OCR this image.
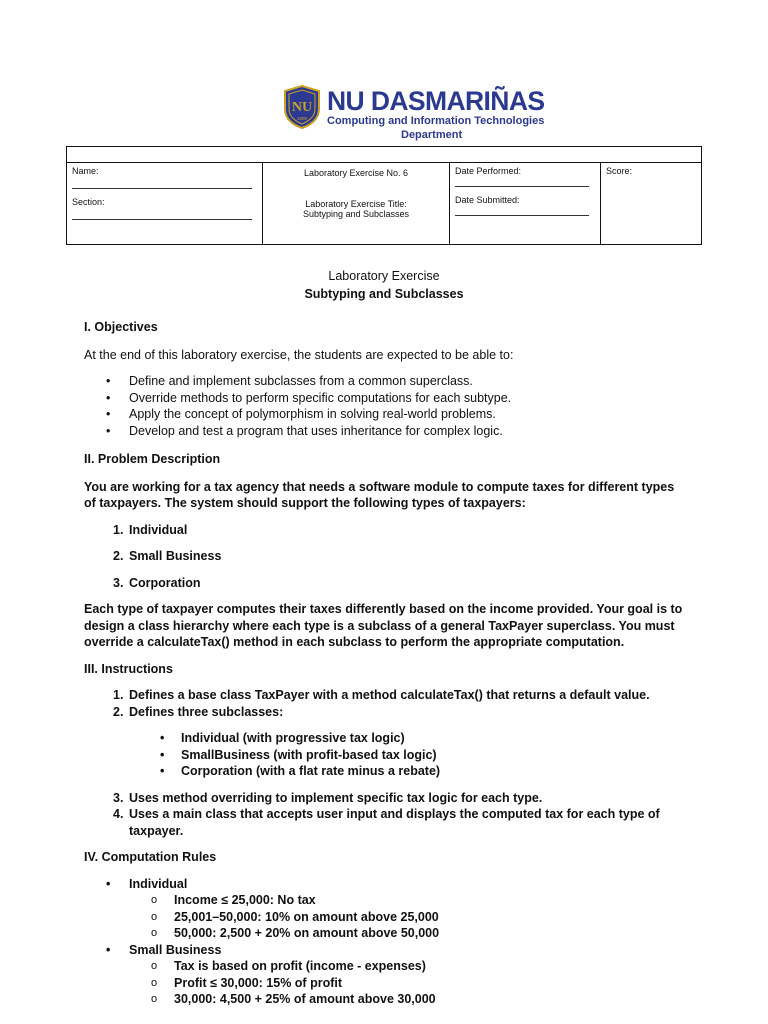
NU
1900
NU DASMARIÑAS
Computing and Information Technologies
Department

Name:
Section:

Laboratory Exercise No. 6
Laboratory Exercise Title:
Subtyping and Subclasses

Date Performed:
Date Submitted:

Score:
Laboratory Exercise
Subtyping and Subclasses
I. Objectives
At the end of this laboratory exercise, the students are expected to be able to:
• Define and implement subclasses from a common superclass.
• Override methods to perform specific computations for each subtype.
• Apply the concept of polymorphism in solving real-world problems.
• Develop and test a program that uses inheritance for complex logic.
II. Problem Description
You are working for a tax agency that needs a software module to compute taxes for different types of taxpayers. The system should support the following types of taxpayers:
1. Individual
2. Small Business
3. Corporation
Each type of taxpayer computes their taxes differently based on the income provided. Your goal is to design a class hierarchy where each type is a subclass of a general TaxPayer superclass. You must override a calculateTax() method in each subclass to perform the appropriate computation.
III. Instructions
1. Defines a base class TaxPayer with a method calculateTax() that returns a default value.
2. Defines three subclasses:
• Individual (with progressive tax logic)
• SmallBusiness (with profit-based tax logic)
• Corporation (with a flat rate minus a rebate)
3. Uses method overriding to implement specific tax logic for each type.
4. Uses a main class that accepts user input and displays the computed tax for each type of taxpayer.
IV. Computation Rules
• Individual
o Income ≤ 25,000: No tax
o 25,001–50,000: 10% on amount above 25,000
o 50,000: 2,500 + 20% on amount above 50,000
• Small Business
o Tax is based on profit (income - expenses)
o Profit ≤ 30,000: 15% of profit
o 30,000: 4,500 + 25% of amount above 30,000
